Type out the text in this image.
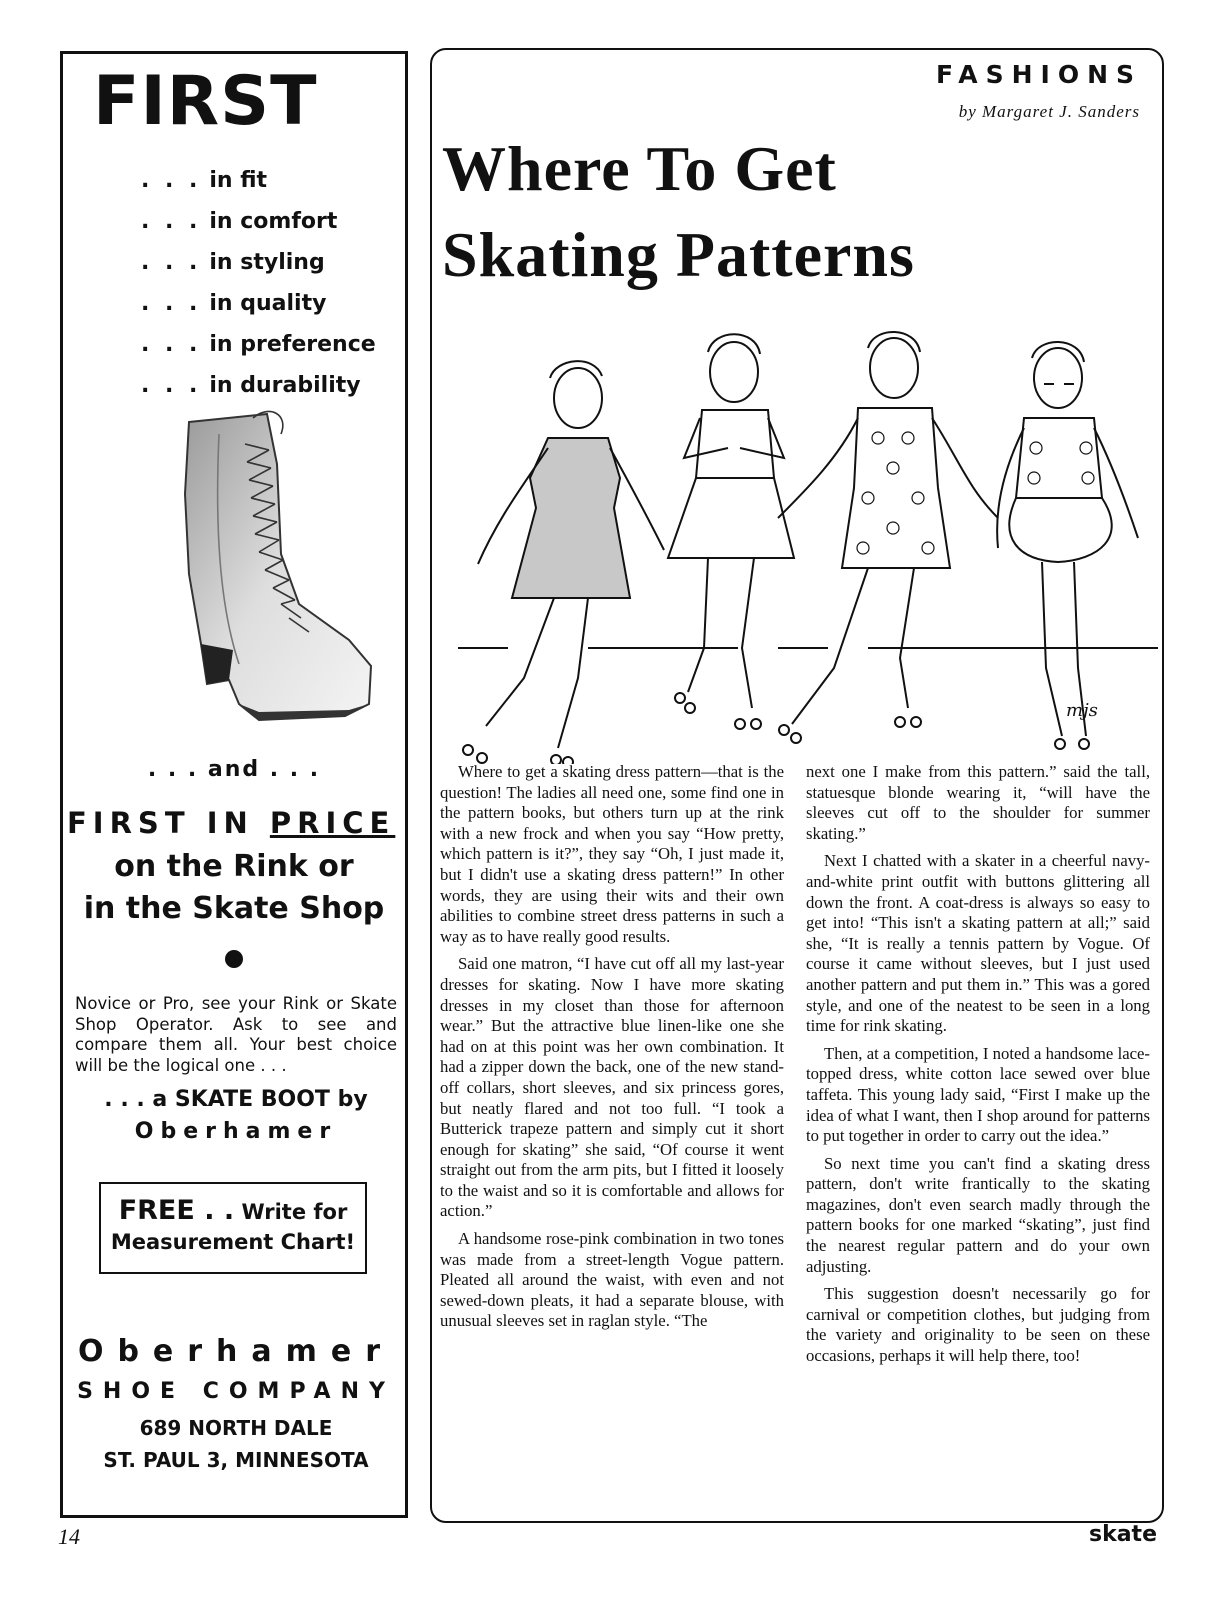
FIRST
. . . in fit
. . . in comfort
. . . in styling
. . . in quality
. . . in preference
. . . in durability
. . . and . . .
FIRST IN PRICE
on the Rink or
in the Skate Shop
Novice or Pro, see your Rink or Skate Shop Operator. Ask to see and compare them all. Your best choice will be the logical one . . .
. . . a SKATE BOOT by
Oberhamer
FREE . . Write for
Measurement Chart!
Oberhamer
SHOE COMPANY
689 NORTH DALE
ST. PAUL 3, MINNESOTA
FASHIONS
by Margaret J. Sanders
Where To Get
Skating Patterns
mjs

Where to get a skating dress pattern—that is the question! The ladies all need one, some find one in the pattern books, but others turn up at the rink with a new frock and when you say “How pretty, which pattern is it?”, they say “Oh, I just made it, but I didn't use a skating dress pattern!” In other words, they are using their wits and their own abilities to combine street dress patterns in such a way as to have really good results.

Said one matron, “I have cut off all my last-year dresses for skating. Now I have more skating dresses in my closet than those for afternoon wear.” But the attractive blue linen-like one she had on at this point was her own combination. It had a zipper down the back, one of the new stand-off collars, short sleeves, and six princess gores, but neatly flared and not too full. “I took a Butterick trapeze pattern and simply cut it short enough for skating” she said, “Of course it went straight out from the arm pits, but I fitted it loosely to the waist and so it is comfortable and allows for action.”

A handsome rose-pink combination in two tones was made from a street-length Vogue pattern. Pleated all around the waist, with even and not sewed-down pleats, it had a separate blouse, with unusual sleeves set in raglan style. “The

next one I make from this pattern.” said the tall, statuesque blonde wearing it, “will have the sleeves cut off to the shoulder for summer skating.”

Next I chatted with a skater in a cheerful navy-and-white print outfit with buttons glittering all down the front. A coat-dress is always so easy to get into! “This isn't a skating pattern at all;” said she, “It is really a tennis pattern by Vogue. Of course it came without sleeves, but I just used another pattern and put them in.” This was a gored style, and one of the neatest to be seen in a long time for rink skating.

Then, at a competition, I noted a handsome lace-topped dress, white cotton lace sewed over blue taffeta. This young lady said, “First I make up the idea of what I want, then I shop around for patterns to put together in order to carry out the idea.”

So next time you can't find a skating dress pattern, don't write frantically to the skating magazines, don't even search madly through the pattern books for one marked “skating”, just find the nearest regular pattern and do your own adjusting.

This suggestion doesn't necessarily go for carnival or competition clothes, but judging from the variety and originality to be seen on these occasions, perhaps it will help there, too!

14	skate
